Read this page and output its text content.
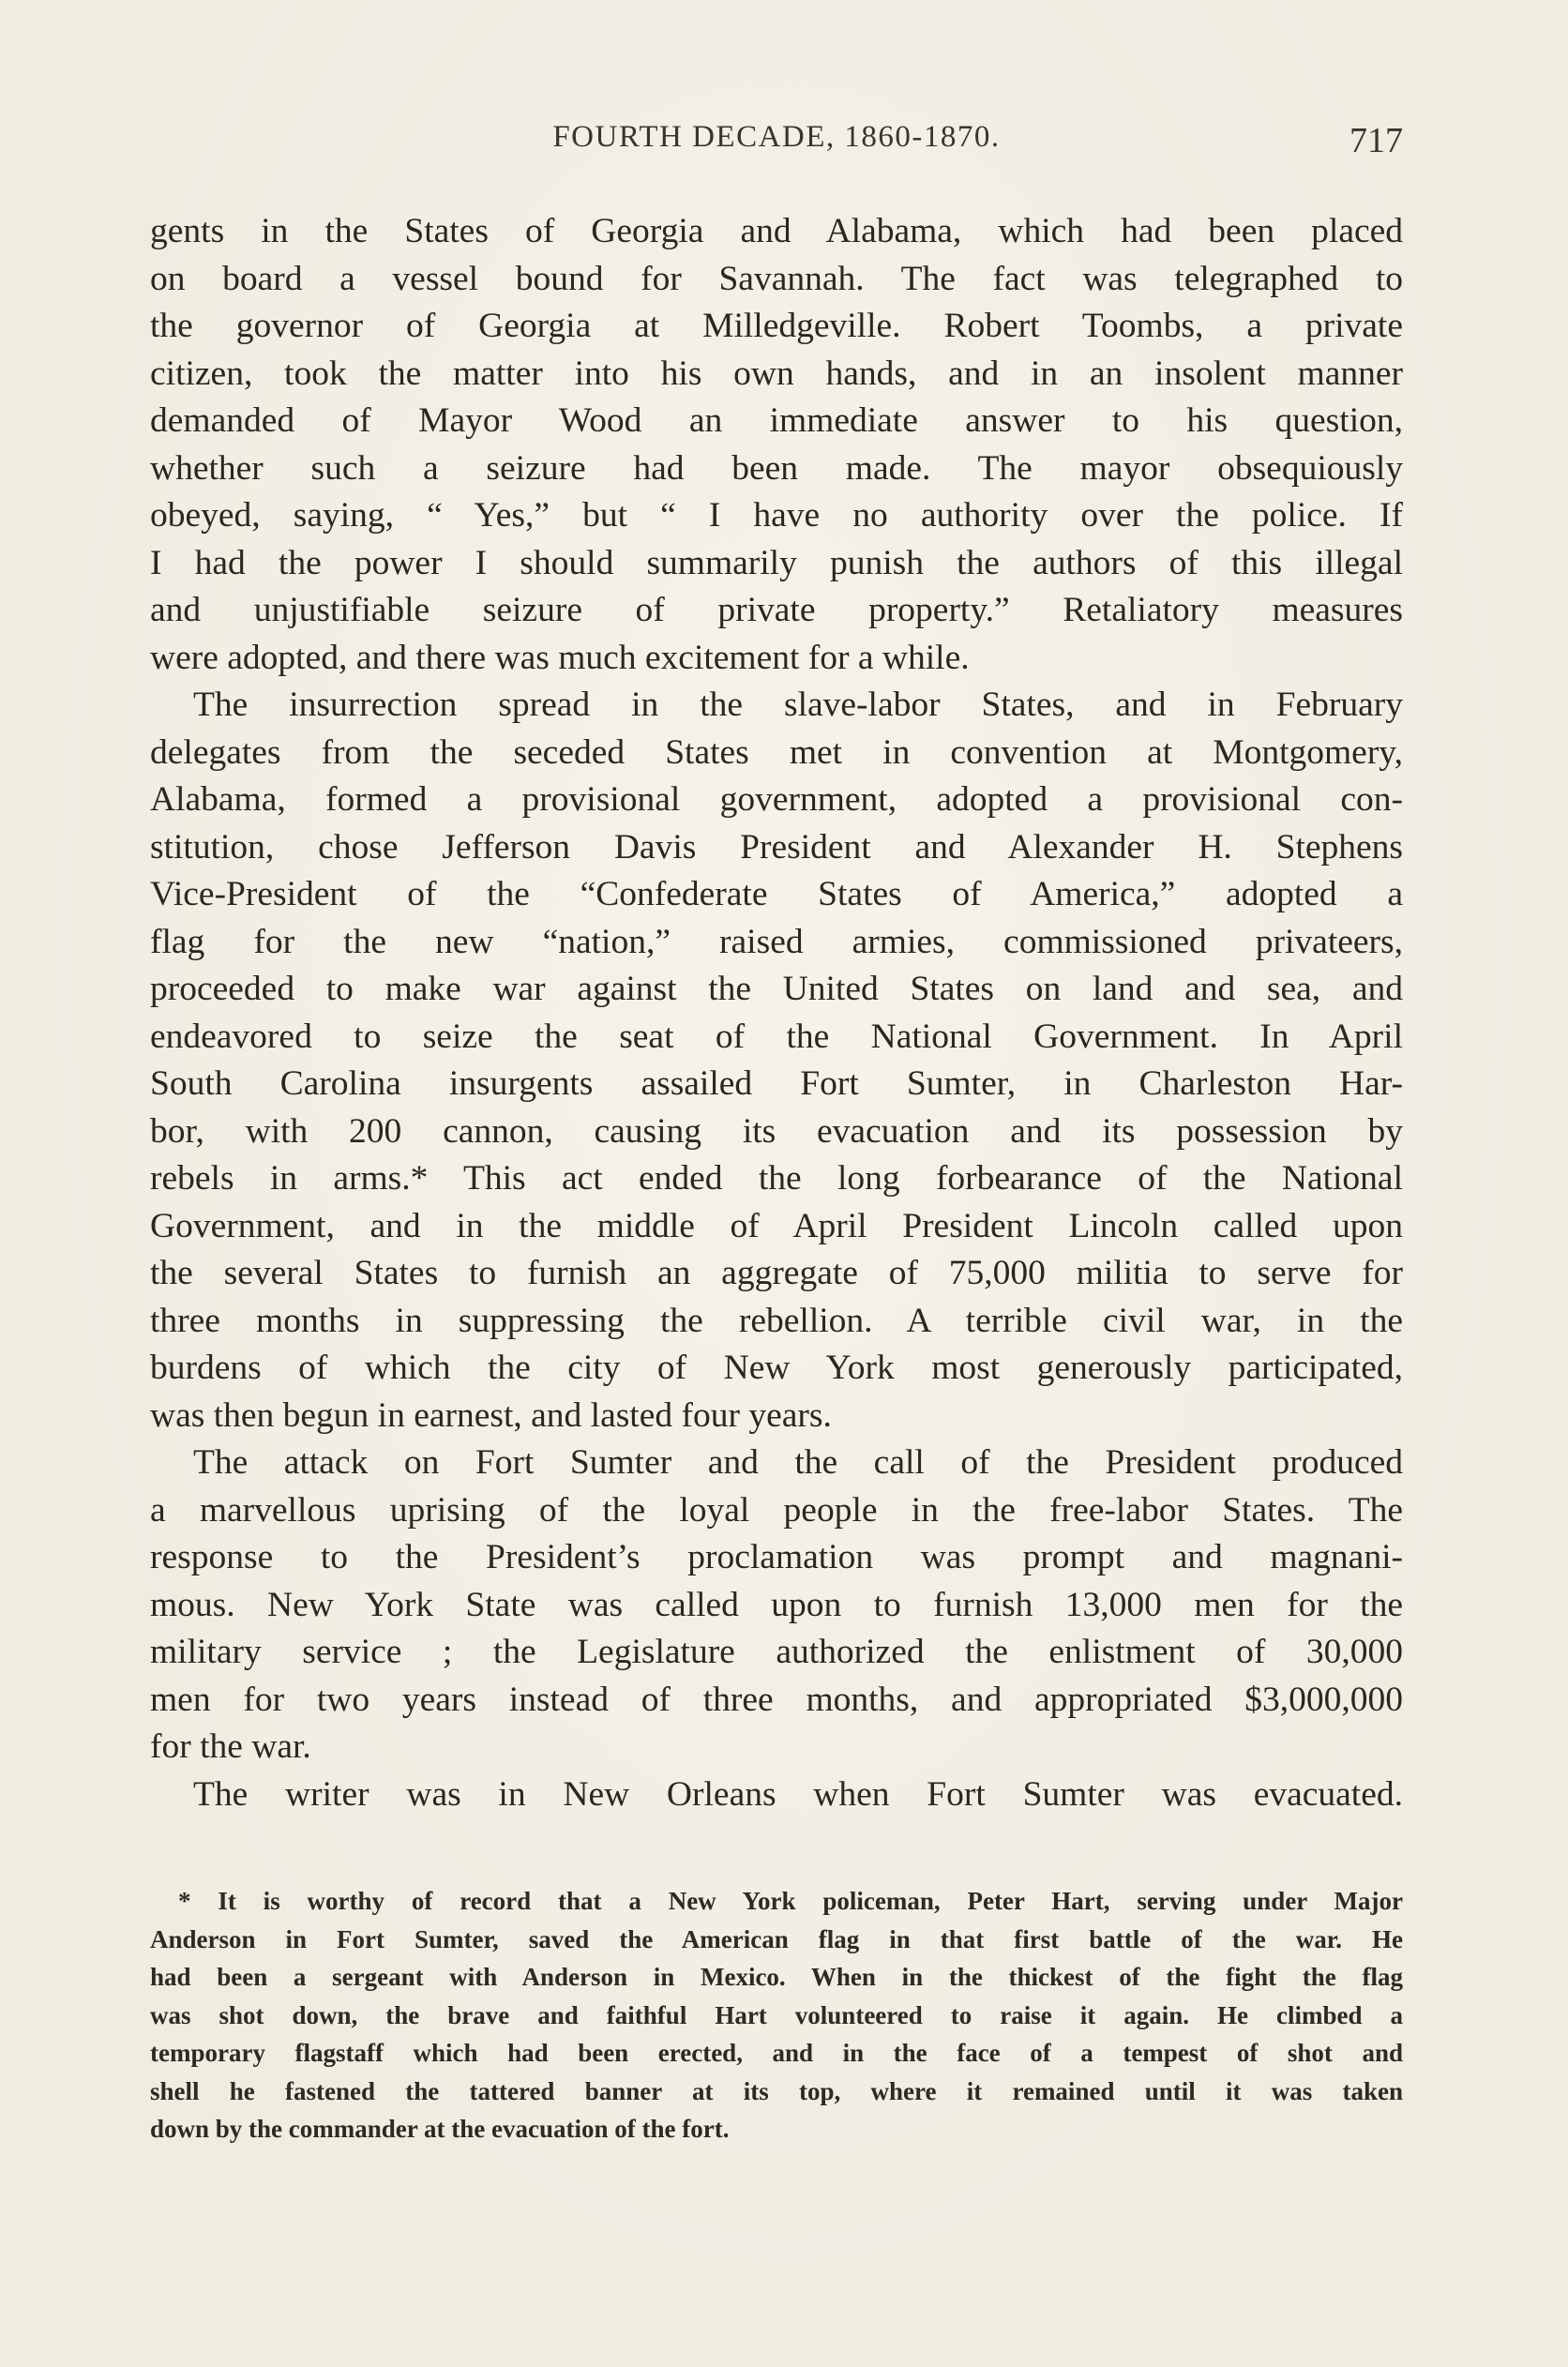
FOURTH DECADE, 1860-1870.	717
gents in the States of Georgia and Alabama, which had been placed
on board a vessel bound for Savannah. The fact was telegraphed to
the governor of Georgia at Milledgeville. Robert Toombs, a private
citizen, took the matter into his own hands, and in an insolent manner
demanded of Mayor Wood an immediate answer to his question,
whether such a seizure had been made. The mayor obsequiously
obeyed, saying, “ Yes,” but “ I have no authority over the police. If
I had the power I should summarily punish the authors of this illegal
and unjustifiable seizure of private property.” Retaliatory measures
were adopted, and there was much excitement for a while.
The insurrection spread in the slave-labor States, and in February
delegates from the seceded States met in convention at Montgomery,
Alabama, formed a provisional government, adopted a provisional con-
stitution, chose Jefferson Davis President and Alexander H. Stephens
Vice-President of the “Confederate States of America,” adopted a
flag for the new “nation,” raised armies, commissioned privateers,
proceeded to make war against the United States on land and sea, and
endeavored to seize the seat of the National Government. In April
South Carolina insurgents assailed Fort Sumter, in Charleston Har-
bor, with 200 cannon, causing its evacuation and its possession by
rebels in arms.* This act ended the long forbearance of the National
Government, and in the middle of April President Lincoln called upon
the several States to furnish an aggregate of 75,000 militia to serve for
three months in suppressing the rebellion. A terrible civil war, in the
burdens of which the city of New York most generously participated,
was then begun in earnest, and lasted four years.
The attack on Fort Sumter and the call of the President produced
a marvellous uprising of the loyal people in the free-labor States. The
response to the President’s proclamation was prompt and magnani-
mous. New York State was called upon to furnish 13,000 men for the
military service ; the Legislature authorized the enlistment of 30,000
men for two years instead of three months, and appropriated $3,000,000
for the war.
The writer was in New Orleans when Fort Sumter was evacuated.
* It is worthy of record that a New York policeman, Peter Hart, serving under Major
Anderson in Fort Sumter, saved the American flag in that first battle of the war. He
had been a sergeant with Anderson in Mexico. When in the thickest of the fight the flag
was shot down, the brave and faithful Hart volunteered to raise it again. He climbed a
temporary flagstaff which had been erected, and in the face of a tempest of shot and
shell he fastened the tattered banner at its top, where it remained until it was taken
down by the commander at the evacuation of the fort.
